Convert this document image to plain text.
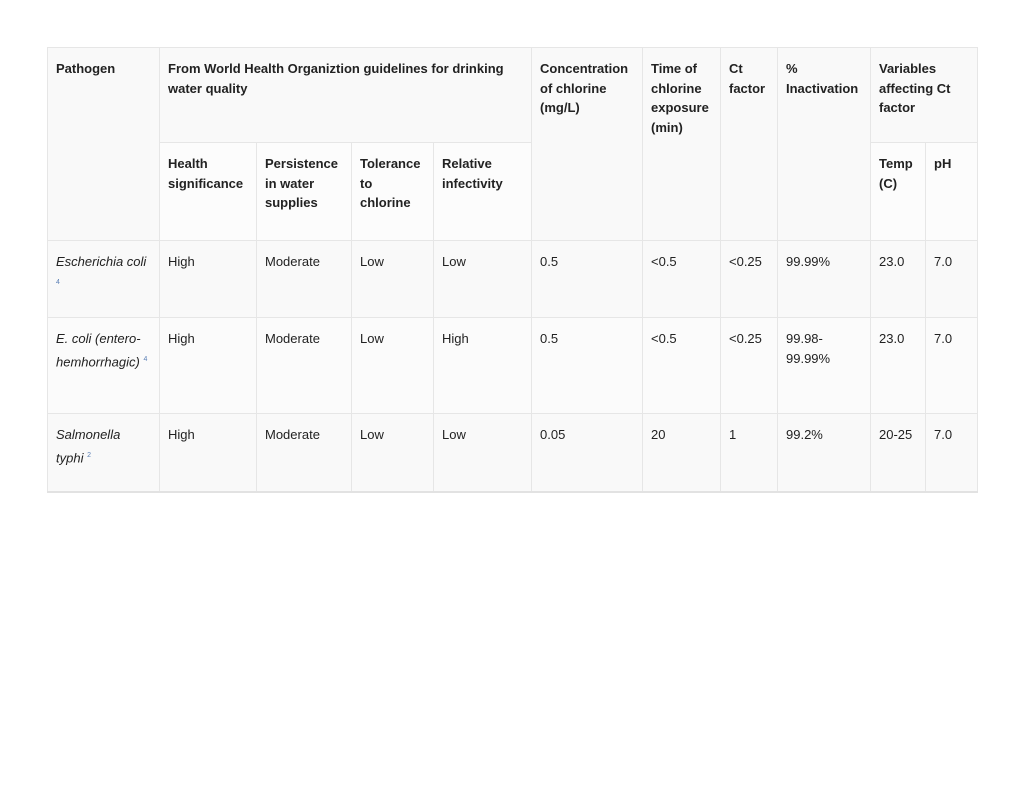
Pathogen	From World Health Organiztion guidelines for drinking water quality				Concentration of chlorine (mg/L)	Time of chlorine exposure (min)	Ct factor	% Inactivation	Variables affecting Ct factor	
	Health significance	Persistence in water supplies	Tolerance to chlorine	Relative infectivity					Temp (C)	pH
Escherichia coli $^4$	High	Moderate	Low	Low	0.5	<0.5	<0.25	99.99%	23.0	7.0
E. coli (entero-hemhorrhagic) $^4$	High	Moderate	Low	High	0.5	<0.5	<0.25	99.98-99.99%	23.0	7.0
Salmonella typhi $^2$	High	Moderate	Low	Low	0.05	20	1	99.2%	20-25	7.0
